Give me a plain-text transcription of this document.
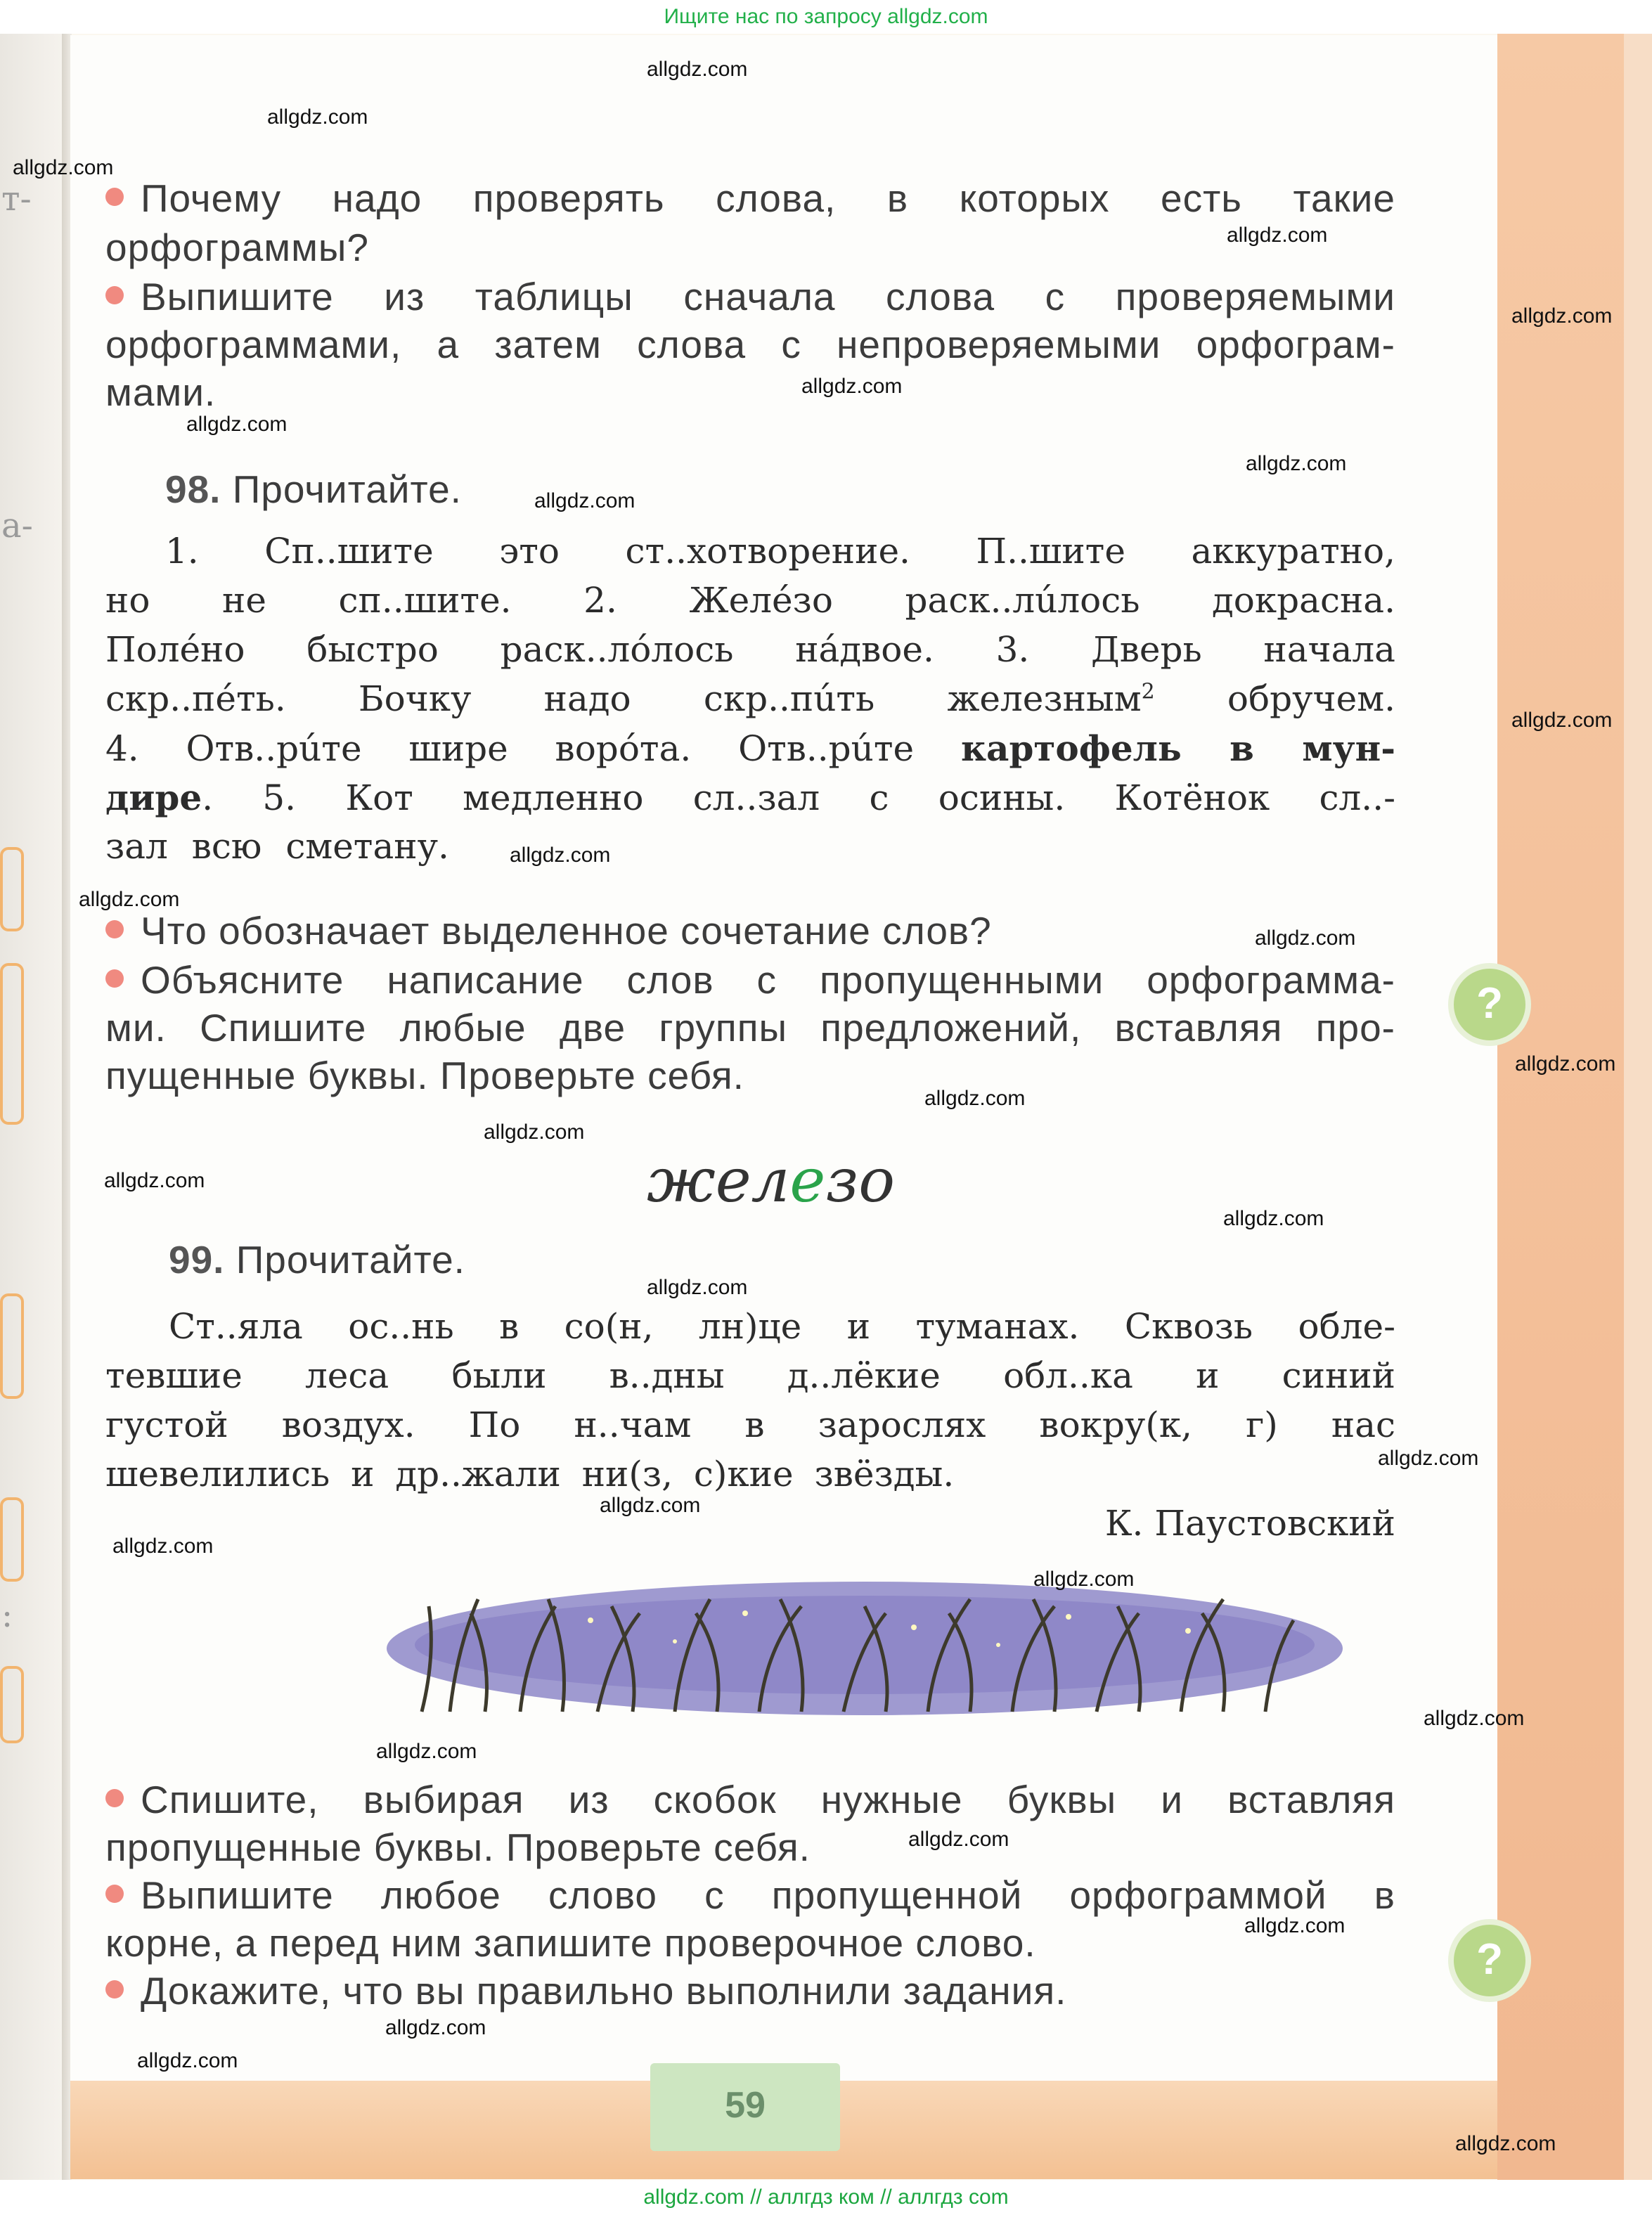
Ищите нас по запросу allgdz.com
т-
а-
:
?
?
Почему надо проверять слова, в которых есть такие
орфограммы?
Выпишите из таблицы сначала слова с проверяемыми
орфограммами, а затем слова с непроверяемыми орфограм-
мами.
98. Прочитайте.
1. Сп..шите это ст..хотворение. П..шите аккуратно,
но не сп..шите. 2. Желéзо раск..лúлось докрасна.
Полéно быстро раск..лóлось нáдвое. 3. Дверь начала
скр..пéть. Бочку надо скр..пúть железным$^2$ обручем.
4. Отв..рúте шире ворóта. Отв..рúте картофель в мун-
дире. 5. Кот медленно сл..зал с осины. Котёнок сл..-
зал всю сметану.
Что обозначает выделенное сочетание слов?
Объясните написание слов с пропущенными орфограмма-
ми. Спишите любые две группы предложений, вставляя про-
пущенные буквы. Проверьте себя.
железо
99. Прочитайте.
Ст..яла ос..нь в со(н, лн)це и туманах. Сквозь обле-
тевшие леса были в..дны д..лёкие обл..ка и синий
густой воздух. По н..чам в зарослях вокру(к, г) нас
шевелились и др..жали ни(з, с)кие звёзды.
К. Паустовский
Спишите, выбирая из скобок нужные буквы и вставляя
пропущенные буквы. Проверьте себя.
Выпишите любое слово с пропущенной орфограммой в
корне, а перед ним запишите проверочное слово.
Докажите, что вы правильно выполнили задания.
59
allgdz.com
allgdz.com
allgdz.com
allgdz.com
allgdz.com
allgdz.com
allgdz.com
allgdz.com
allgdz.com
allgdz.com
allgdz.com
allgdz.com
allgdz.com
allgdz.com
allgdz.com
allgdz.com
allgdz.com
allgdz.com
allgdz.com
allgdz.com
allgdz.com
allgdz.com
allgdz.com
allgdz.com
allgdz.com
allgdz.com
allgdz.com
allgdz.com
allgdz.com
allgdz.com
allgdz.com // аллгдз ком // аллгдз com
